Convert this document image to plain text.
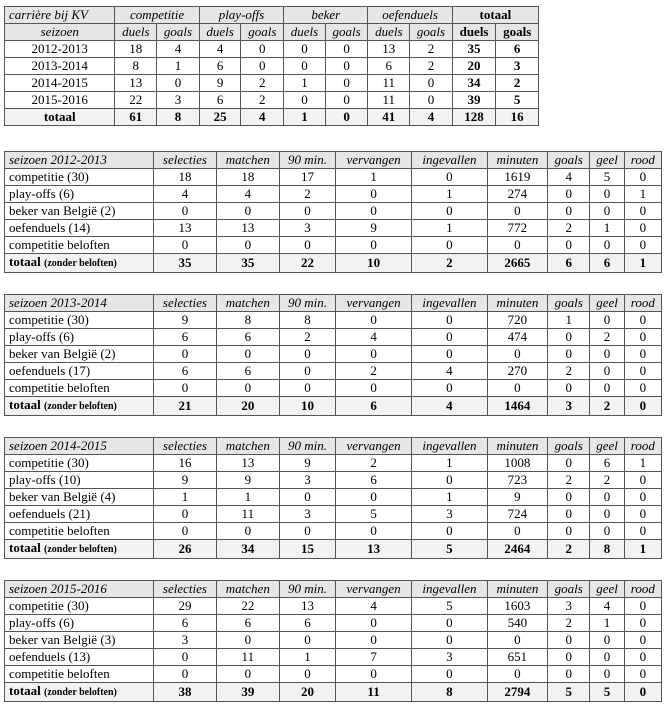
carrière bij KV	competitie		play-offs		beker		oefenduels		totaal	
seizoen	duels	goals	duels	goals	duels	goals	duels	goals	duels	goals
2012-2013	18	4	4	0	0	0	13	2	35	6
2013-2014	8	1	6	0	0	0	6	2	20	3
2014-2015	13	0	9	2	1	0	11	0	34	2
2015-2016	22	3	6	2	0	0	11	0	39	5
totaal	61	8	25	4	1	0	41	4	128	16
seizoen 2012-2013	selecties	matchen	90 min.	vervangen	ingevallen	minuten	goals	geel	rood
competitie (30)	18	18	17	1	0	1619	4	5	0
play-offs (6)	4	4	2	0	1	274	0	0	1
beker van België (2)	0	0	0	0	0	0	0	0	0
oefenduels (14)	13	13	3	9	1	772	2	1	0
competitie beloften	0	0	0	0	0	0	0	0	0
totaal (zonder beloften)	35	35	22	10	2	2665	6	6	1
seizoen 2013-2014	selecties	matchen	90 min.	vervangen	ingevallen	minuten	goals	geel	rood
competitie (30)	9	8	8	0	0	720	1	0	0
play-offs (6)	6	6	2	4	0	474	0	2	0
beker van België (2)	0	0	0	0	0	0	0	0	0
oefenduels (17)	6	6	0	2	4	270	2	0	0
competitie beloften	0	0	0	0	0	0	0	0	0
totaal (zonder beloften)	21	20	10	6	4	1464	3	2	0
seizoen 2014-2015	selecties	matchen	90 min.	vervangen	ingevallen	minuten	goals	geel	rood
competitie (30)	16	13	9	2	1	1008	0	6	1
play-offs (10)	9	9	3	6	0	723	2	2	0
beker van België (4)	1	1	0	0	1	9	0	0	0
oefenduels (21)	0	11	3	5	3	724	0	0	0
competitie beloften	0	0	0	0	0	0	0	0	0
totaal (zonder beloften)	26	34	15	13	5	2464	2	8	1
seizoen 2015-2016	selecties	matchen	90 min.	vervangen	ingevallen	minuten	goals	geel	rood
competitie (30)	29	22	13	4	5	1603	3	4	0
play-offs (6)	6	6	6	0	0	540	2	1	0
beker van België (3)	3	0	0	0	0	0	0	0	0
oefenduels (13)	0	11	1	7	3	651	0	0	0
competitie beloften	0	0	0	0	0	0	0	0	0
totaal (zonder beloften)	38	39	20	11	8	2794	5	5	0
